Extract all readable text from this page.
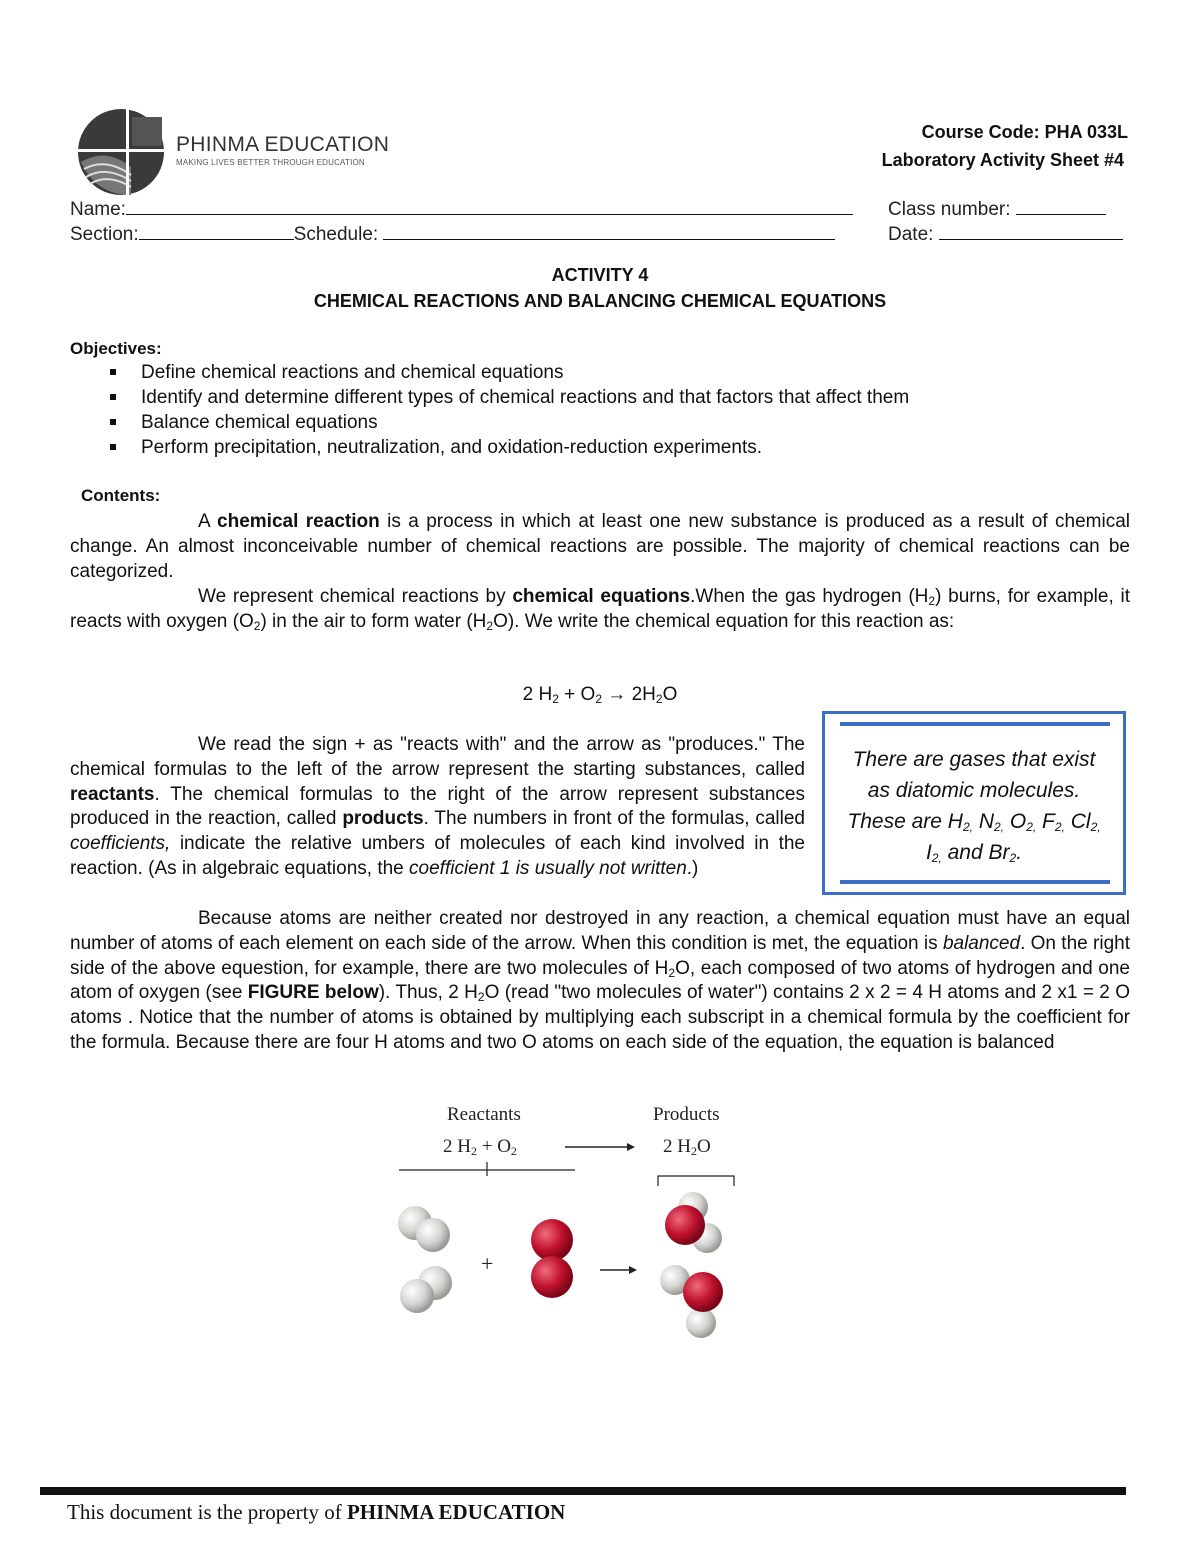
PHINMA EDUCATION
MAKING LIVES BETTER THROUGH EDUCATION
Course Code: PHA 033L
Laboratory Activity Sheet #4
Name:
Section:	Schedule:
Class number:
Date:
ACTIVITY 4
CHEMICAL REACTIONS AND BALANCING CHEMICAL EQUATIONS
Objectives:
Define chemical reactions and chemical equations
Identify and determine different types of chemical reactions and that factors that affect them
Balance chemical equations
Perform precipitation, neutralization, and oxidation-reduction experiments.
Contents:
A chemical reaction is a process in which at least one new substance is produced as a result of chemical change. An almost inconceivable number of chemical reactions are possible. The majority of chemical reactions can be categorized.
We represent chemical reactions by chemical equations.When the gas hydrogen $(H_2)$ burns, for example, it reacts with oxygen $(O_2)$ in the air to form water $(H_2O)$. We write the chemical equation for this reaction as:
2 $H_2 + O_2 \to 2H_2O$
We read the sign + as "reacts with" and the arrow as "produces." The chemical formulas to the left of the arrow represent the starting substances, called reactants. The chemical formulas to the right of the arrow represent substances produced in the reaction, called products. The numbers in front of the formulas, called coefficients, indicate the relative umbers of molecules of each kind involved in the reaction. (As in algebraic equations, the coefficient 1 is usually not written.)
There are gases that exist
as diatomic molecules.
These are $H_{2,}$ $N_{2,}$ $O_{2,}$ $F_{2,}$ $Cl_{2,}$
$I_{2,}$ and $Br_2$.
Because atoms are neither created nor destroyed in any reaction, a chemical equation must have an equal number of atoms of each element on each side of the arrow. When this condition is met, the equation is balanced. On the right side of the above equestion, for example, there are two molecules of $H_2O$, each composed of two atoms of hydrogen and one atom of oxygen (see FIGURE below). Thus, 2 $H_2O$ (read "two molecules of water") contains 2 x 2 = 4 H atoms and 2 x1 = 2 O atoms . Notice that the number of atoms is obtained by multiplying each subscript in a chemical formula by the coefficient for the formula. Because there are four H atoms and two O atoms on each side of the equation, the equation is balanced
Reactants	Products
2 $H_2 + O_2$	2 $H_2O$
+
This document is the property of PHINMA EDUCATION
